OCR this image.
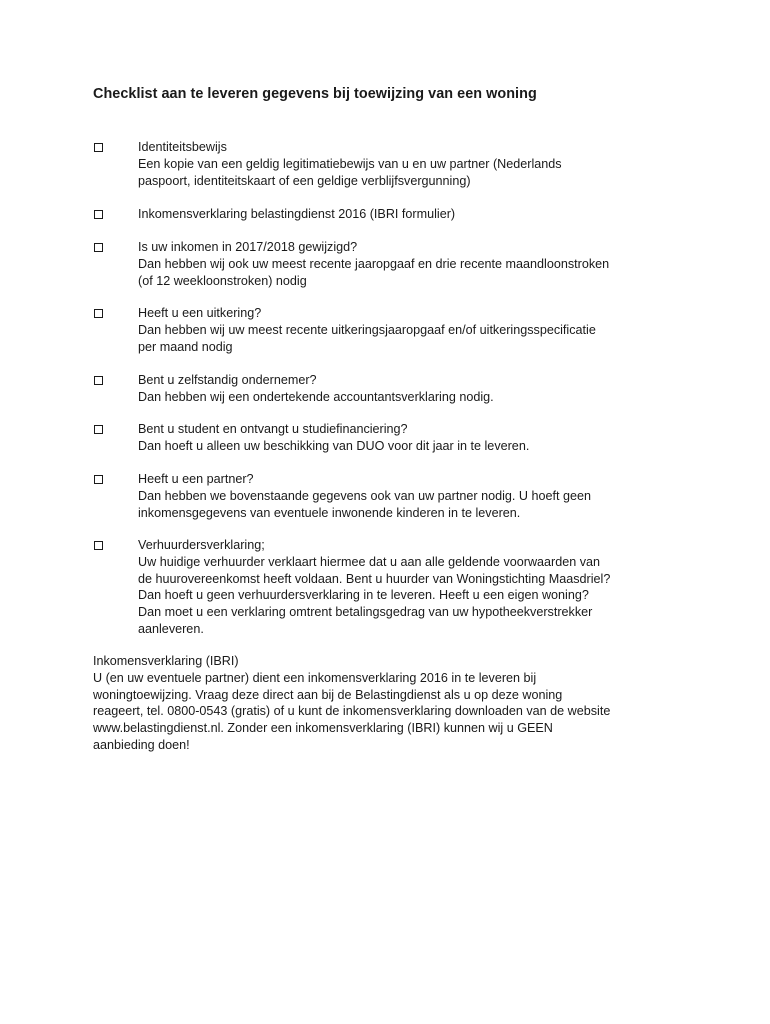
Checklist aan te leveren gegevens bij toewijzing van een woning
Identiteitsbewijs
Een kopie van een geldig legitimatiebewijs van u en uw partner (Nederlands
paspoort, identiteitskaart of een geldige verblijfsvergunning)
Inkomensverklaring belastingdienst 2016 (IBRI formulier)
Is uw inkomen in 2017/2018 gewijzigd?
Dan hebben wij ook uw meest recente jaaropgaaf en drie recente maandloonstroken
(of 12 weekloonstroken) nodig
Heeft u een uitkering?
Dan hebben wij uw meest recente uitkeringsjaaropgaaf en/of uitkeringsspecificatie
per maand nodig
Bent u zelfstandig ondernemer?
Dan hebben wij een ondertekende accountantsverklaring nodig.
Bent u student en ontvangt u studiefinanciering?
Dan hoeft u alleen uw beschikking van DUO voor dit jaar in te leveren.
Heeft u een partner?
Dan hebben we bovenstaande gegevens ook van uw partner nodig. U hoeft geen
inkomensgegevens van eventuele inwonende kinderen in te leveren.
Verhuurdersverklaring;
Uw huidige verhuurder verklaart hiermee dat u aan alle geldende voorwaarden van
de huurovereenkomst heeft voldaan. Bent u huurder van Woningstichting Maasdriel?
Dan hoeft u geen verhuurdersverklaring in te leveren. Heeft u een eigen woning?
Dan moet u een verklaring omtrent betalingsgedrag van uw hypotheekverstrekker
aanleveren.
Inkomensverklaring (IBRI)
U (en uw eventuele partner) dient een inkomensverklaring 2016 in te leveren bij
woningtoewijzing. Vraag deze direct aan bij de Belastingdienst als u op deze woning
reageert, tel. 0800-0543 (gratis) of u kunt de inkomensverklaring downloaden van de website
www.belastingdienst.nl. Zonder een inkomensverklaring (IBRI) kunnen wij u GEEN
aanbieding doen!
